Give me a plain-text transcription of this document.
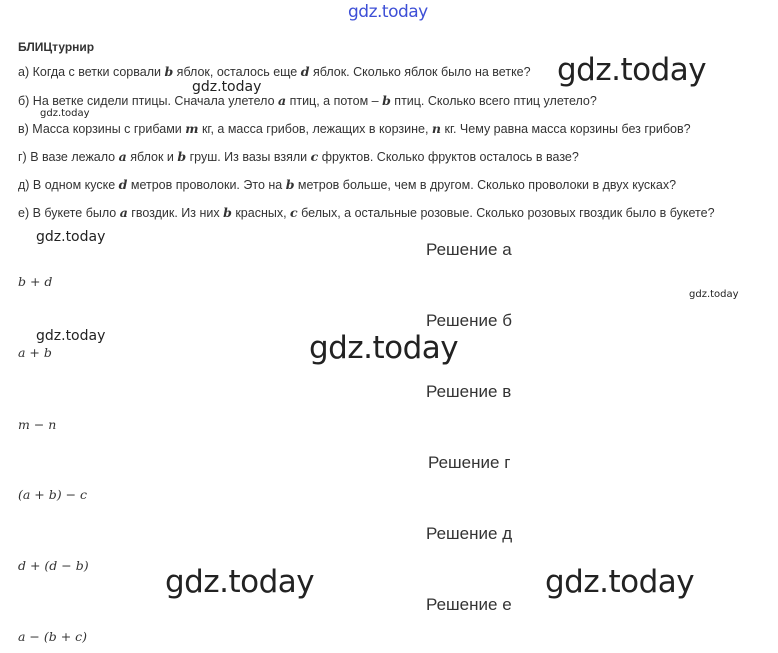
gdz.today
БЛИЦтурнир
а) Когда с ветки сорвали b яблок, осталось еще d яблок. Сколько яблок было на ветке?
б) На ветке сидели птицы. Сначала улетело a птиц, а потом – b птиц. Сколько всего птиц улетело?
в) Масса корзины с грибами m кг, а масса грибов, лежащих в корзине, n кг. Чему равна масса корзины без грибов?
г) В вазе лежало a яблок и b груш. Из вазы взяли c фруктов. Сколько фруктов осталось в вазе?
д) В одном куске d метров проволоки. Это на b метров больше, чем в другом. Сколько проволоки в двух кусках?
е) В букете было a гвоздик. Из них b красных, c белых, а остальные розовые. Сколько розовых гвоздик было в букете?
Решение а
b + d
Решение б
a + b
Решение в
m − n
Решение г
(a + b) − c
Решение д
d + (d − b)
Решение е
a − (b + c)
gdz.today
gdz.today
gdz.today
gdz.today
gdz.today
gdz.today	gdz.today
gdz.today	gdz.today
